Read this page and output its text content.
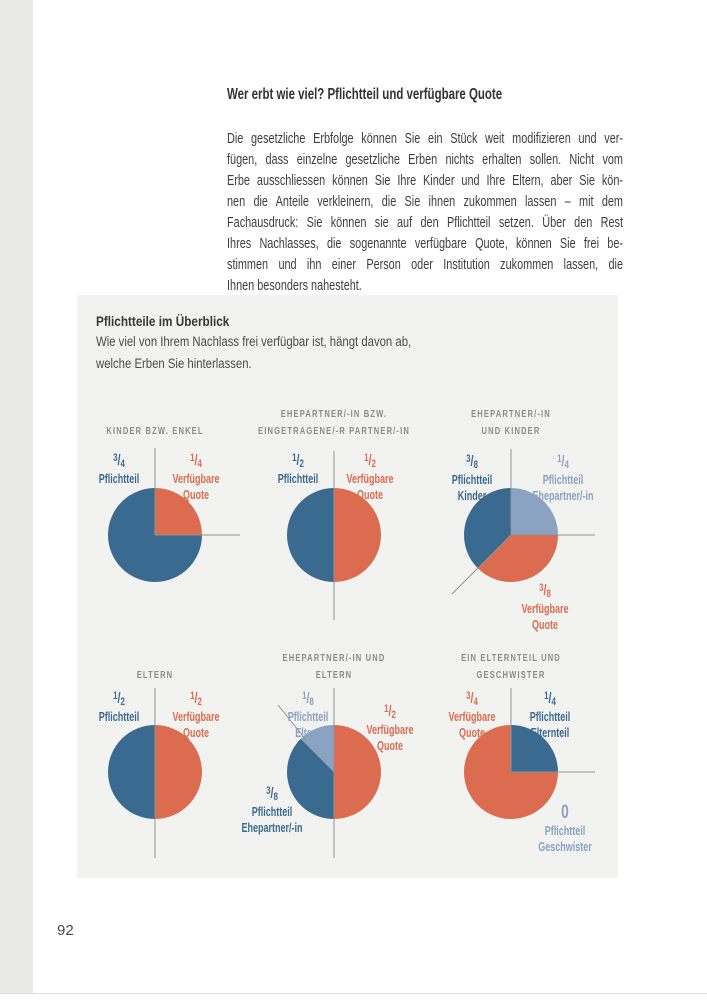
Wer erbt wie viel? Pflichtteil und verfügbare Quote
Die gesetzliche Erbfolge können Sie ein Stück weit modifizieren und ver-
fügen, dass einzelne gesetzliche Erben nichts erhalten sollen. Nicht vom
Erbe ausschliessen können Sie Ihre Kinder und Ihre Eltern, aber Sie kön-
nen die Anteile verkleinern, die Sie ihnen zukommen lassen – mit dem
Fachausdruck: Sie können sie auf den Pflichtteil setzen. Über den Rest
Ihres Nachlasses, die sogenannte verfügbare Quote, können Sie frei be-
stimmen und ihn einer Person oder Institution zukommen lassen, die
Ihnen besonders nahesteht.
Pflichtteile im Überblick
Wie viel von Ihrem Nachlass frei verfügbar ist, hängt davon ab,
welche Erben Sie hinterlassen.
KINDER BZW. ENKEL
$^3$/4
Pflichtteil
$^1$/4
Verfügbare
Quote
EHEPARTNER/-IN BZW.
EINGETRAGENE/-R PARTNER/-IN
$^1$/2
Pflichtteil
$^1$/2
Verfügbare
Quote
EHEPARTNER/-IN
UND KINDER
$^3$/8
Pflichtteil
Kinder
$^1$/4
Pflichtteil
Ehepartner/-in
$^3$/8
Verfügbare
Quote
ELTERN
$^1$/2
Pflichtteil
$^1$/2
Verfügbare
Quote
EHEPARTNER/-IN UND
ELTERN
$^1$/8
Pflichtteil
Eltern
$^1$/2
Verfügbare
Quote
$^3$/8
Pflichtteil
Ehepartner/-in
EIN ELTERNTEIL UND
GESCHWISTER
$^3$/4
Verfügbare
Quote
$^1$/4
Pflichtteil
Elternteil
0
Pflichtteil
Geschwister
92
